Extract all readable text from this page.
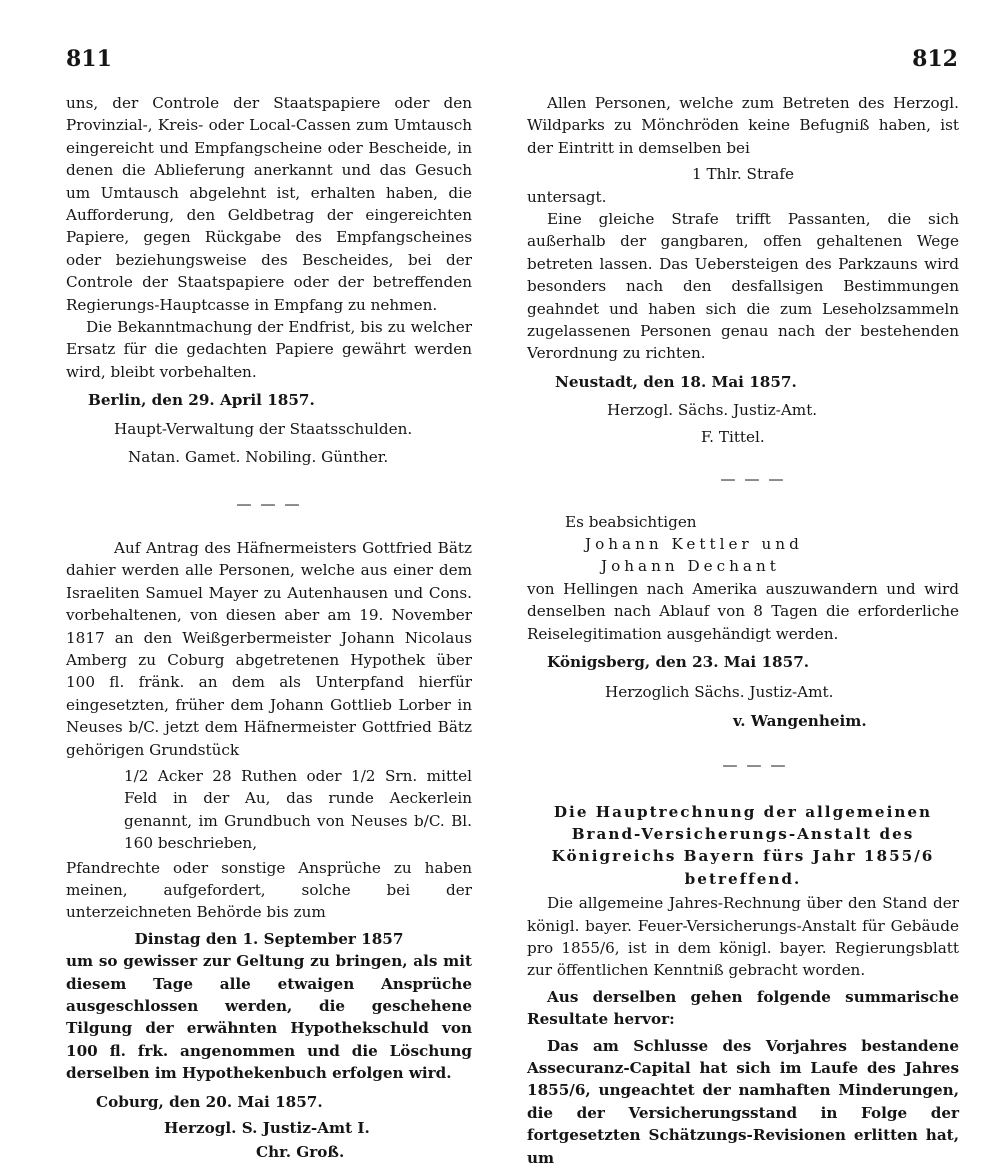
811	812

uns, der Controle der Staatspapiere oder den Provinzial-, Kreis- oder Local-Cassen zum Umtausch eingereicht und Empfangscheine oder Bescheide, in denen die Ablieferung anerkannt und das Gesuch um Umtausch abgelehnt ist, erhalten haben, die Aufforderung, den Geldbetrag der eingereichten Papiere, gegen Rückgabe des Empfangscheines oder beziehungsweise des Bescheides, bei der Controle der Staatspapiere oder der betreffenden Regierungs-Hauptcasse in Empfang zu nehmen.

Die Bekanntmachung der Endfrist, bis zu welcher Ersatz für die gedachten Papiere gewährt werden wird, bleibt vorbehalten.

Berlin, den 29. April 1857.

Haupt-Verwaltung der Staatsschulden.

Natan. Gamet. Nobiling. Günther.

— — —

Auf Antrag des Häfnermeisters Gottfried Bätz dahier werden alle Personen, welche aus einer dem Israeliten Samuel Mayer zu Autenhausen und Cons. vorbehaltenen, von diesen aber am 19. November 1817 an den Weißgerbermeister Johann Nicolaus Amberg zu Coburg abgetretenen Hypothek über 100 fl. fränk. an dem als Unterpfand hierfür eingesetzten, früher dem Johann Gottlieb Lorber in Neuses b/C. jetzt dem Häfnermeister Gottfried Bätz gehörigen Grundstück

1/2 Acker 28 Ruthen oder 1/2 Srn. mittel Feld in der Au, das runde Aeckerlein genannt, im Grundbuch von Neuses b/C. Bl. 160 beschrieben,

Pfandrechte oder sonstige Ansprüche zu haben meinen, aufgefordert, solche bei der unterzeichneten Behörde bis zum

Dinstag den 1. September 1857

um so gewisser zur Geltung zu bringen, als mit diesem Tage alle etwaigen Ansprüche ausgeschlossen werden, die geschehene Tilgung der erwähnten Hypothekschuld von 100 fl. frk. angenommen und die Löschung derselben im Hypothekenbuch erfolgen wird.

Coburg, den 20. Mai 1857.

Herzogl. S. Justiz-Amt I.

Chr. Groß.

Allen Personen, welche zum Betreten des Herzogl. Wildparks zu Mönchröden keine Befugniß haben, ist der Eintritt in demselben bei

1 Thlr. Strafe

untersagt.

Eine gleiche Strafe trifft Passanten, die sich außerhalb der gangbaren, offen gehaltenen Wege betreten lassen. Das Uebersteigen des Parkzauns wird besonders nach den desfallsigen Bestimmungen geahndet und haben sich die zum Leseholzsammeln zugelassenen Personen genau nach der bestehenden Verordnung zu richten.

Neustadt, den 18. Mai 1857.

Herzogl. Sächs. Justiz-Amt.

F. Tittel.

— — —

Es beabsichtigen

Johann Kettler und

Johann Dechant

von Hellingen nach Amerika auszuwandern und wird denselben nach Ablauf von 8 Tagen die erforderliche Reiselegitimation ausgehändigt werden.

Königsberg, den 23. Mai 1857.

Herzoglich Sächs. Justiz-Amt.

v. Wangenheim.

— — —

Die Hauptrechnung der allgemeinen Brand-Versicherungs-Anstalt des Königreichs Bayern fürs Jahr 1855/6 betreffend.

Die allgemeine Jahres-Rechnung über den Stand der königl. bayer. Feuer-Versicherungs-Anstalt für Gebäude pro 1855/6, ist in dem königl. bayer. Regierungsblatt zur öffentlichen Kenntniß gebracht worden.

Aus derselben gehen folgende summarische Resultate hervor:

Das am Schlusse des Vorjahres bestandene Assecuranz-Capital hat sich im Laufe des Jahres 1855/6, ungeachtet der namhaften Minderungen, die der Versicherungsstand in Folge der fortgesetzten Schätzungs-Revisionen erlitten hat, um
